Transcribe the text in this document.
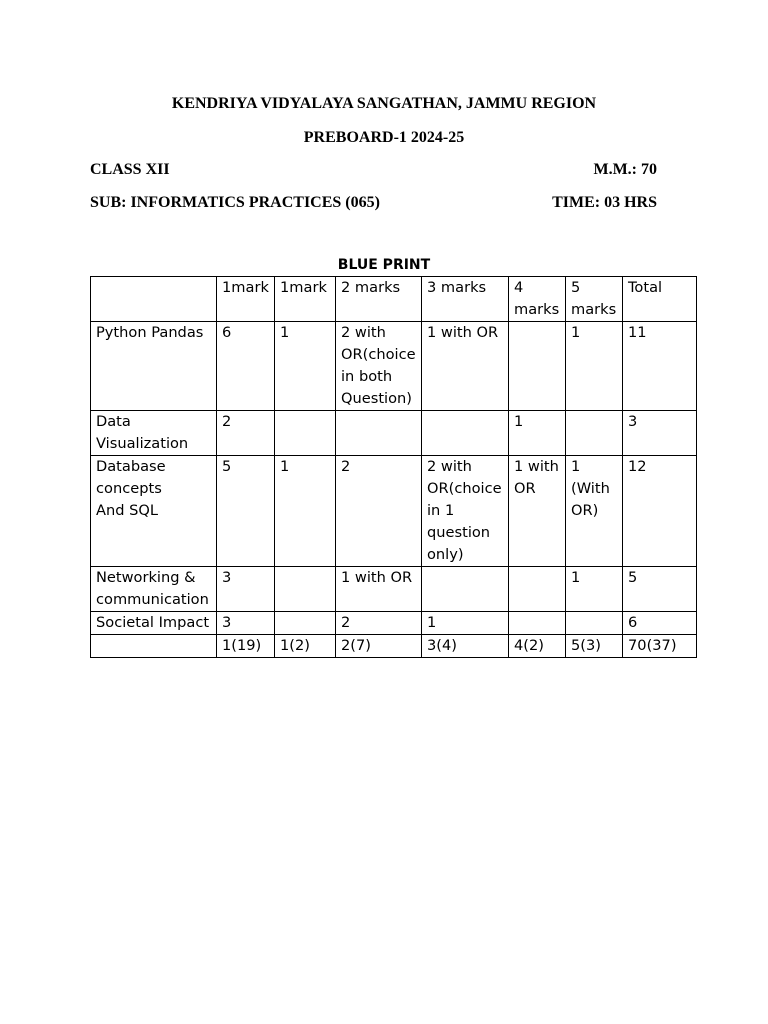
KENDRIYA VIDYALAYA SANGATHAN, JAMMU REGION
PREBOARD-1 2024-25
CLASS XII	M.M.: 70
SUB: INFORMATICS PRACTICES (065)	TIME: 03 HRS
BLUE PRINT
	1mark	1mark	2 marks	3 marks	4 marks	5 marks	Total
Python Pandas	6	1	2 with OR(choice in both Question)	1 with OR		1	11
Data Visualization	2				1		3
Database concepts
And SQL	5	1	2	2 with OR(choice in 1 question only)	1 with OR	1 (With OR)	12
Networking & communication	3		1 with OR			1	5
Societal Impact	3		2	1			6
	1(19)	1(2)	2(7)	3(4)	4(2)	5(3)	70(37)
